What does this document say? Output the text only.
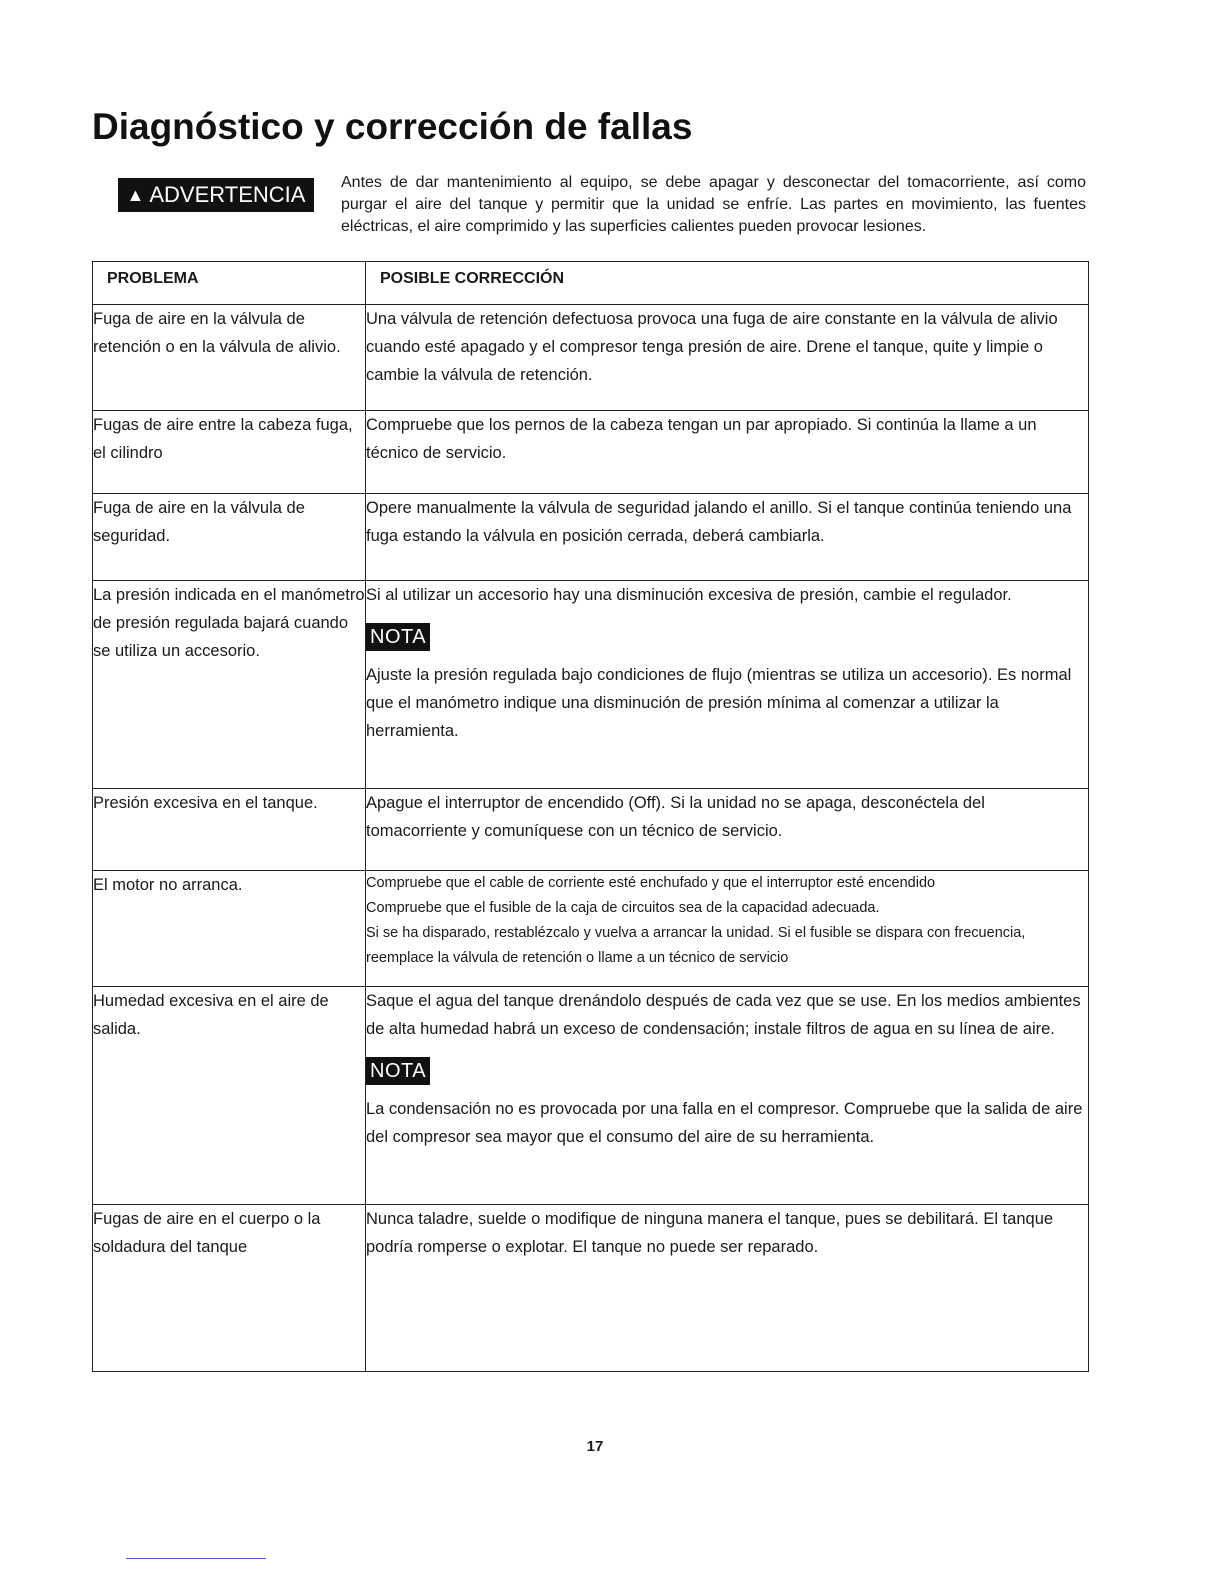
Diagnóstico y corrección de fallas
▲ ADVERTENCIA Antes de dar mantenimiento al equipo, se debe apagar y desconectar del tomacorriente, así como purgar el aire del tanque y permitir que la unidad se enfríe. Las partes en movimiento, las fuentes eléctricas, el aire comprimido y las superficies calientes pueden provocar lesiones.

PROBLEMA	POSIBLE CORRECCIÓN
Fuga de aire en la válvula de retención o en la válvula de alivio.	Una válvula de retención defectuosa provoca una fuga de aire constante en la válvula de alivio cuando esté apagado y el compresor tenga presión de aire. Drene el tanque, quite y limpie o cambie la válvula de retención.
Fugas de aire entre la cabeza fuga, el cilindro	Compruebe que los pernos de la cabeza tengan un par apropiado. Si continúa la llame a un técnico de servicio.
Fuga de aire en la válvula de seguridad.	Opere manualmente la válvula de seguridad jalando el anillo. Si el tanque continúa teniendo una fuga estando la válvula en posición cerrada, deberá cambiarla.
La presión indicada en el manómetro de presión regulada bajará cuando se utiliza un accesorio.	Si al utilizar un accesorio hay una disminución excesiva de presión, cambie el regulador.

NOTA

Ajuste la presión regulada bajo condiciones de flujo (mientras se utiliza un accesorio). Es normal que el manómetro indique una disminución de presión mínima al comenzar a utilizar la herramienta.

Presión excesiva en el tanque.	Apague el interruptor de encendido (Off). Si la unidad no se apaga, desconéctela del tomacorriente y comuníquese con un técnico de servicio.
El motor no arranca.	Compruebe que el cable de corriente esté enchufado y que el interruptor esté encendido

Compruebe que el fusible de la caja de circuitos sea de la capacidad adecuada.

Si se ha disparado, restablézcalo y vuelva a arrancar la unidad. Si el fusible se dispara con frecuencia, reemplace la válvula de retención o llame a un técnico de servicio

Humedad excesiva en el aire de salida.	Saque el agua del tanque drenándolo después de cada vez que se use. En los medios ambientes de alta humedad habrá un exceso de condensación; instale filtros de agua en su línea de aire.

NOTA

La condensación no es provocada por una falla en el compresor. Compruebe que la salida de aire del compresor sea mayor que el consumo del aire de su herramienta.

Fugas de aire en el cuerpo o la soldadura del tanque	Nunca taladre, suelde o modifique de ninguna manera el tanque, pues se debilitará. El tanque podría romperse o explotar. El tanque no puede ser reparado.
17
